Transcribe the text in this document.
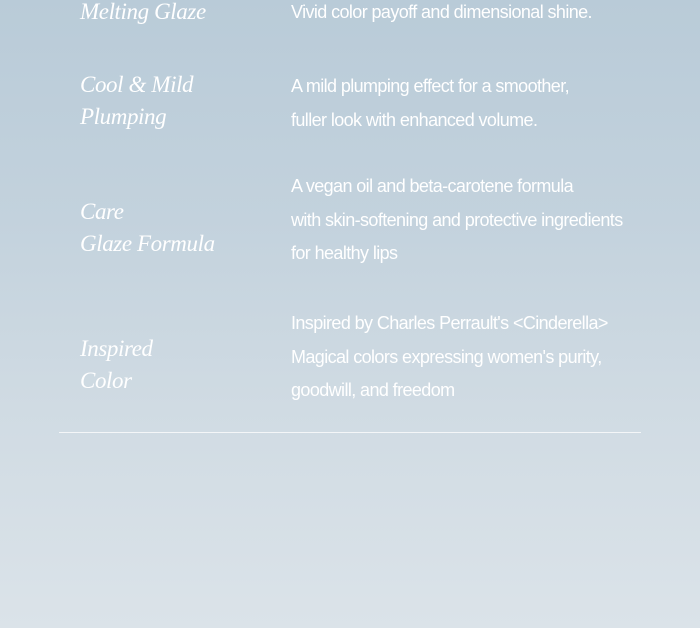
Melting Glaze	Vivid color payoff and dimensional shine.
Cool & Mild
Plumping
A mild plumping effect for a smoother,
fuller look with enhanced volume.
Care
Glaze Formula
A vegan oil and beta-carotene formula
with skin-softening and protective ingredients
for healthy lips
Inspired
Color
Inspired by Charles Perrault's <Cinderella>
Magical colors expressing women's purity,
goodwill, and freedom
